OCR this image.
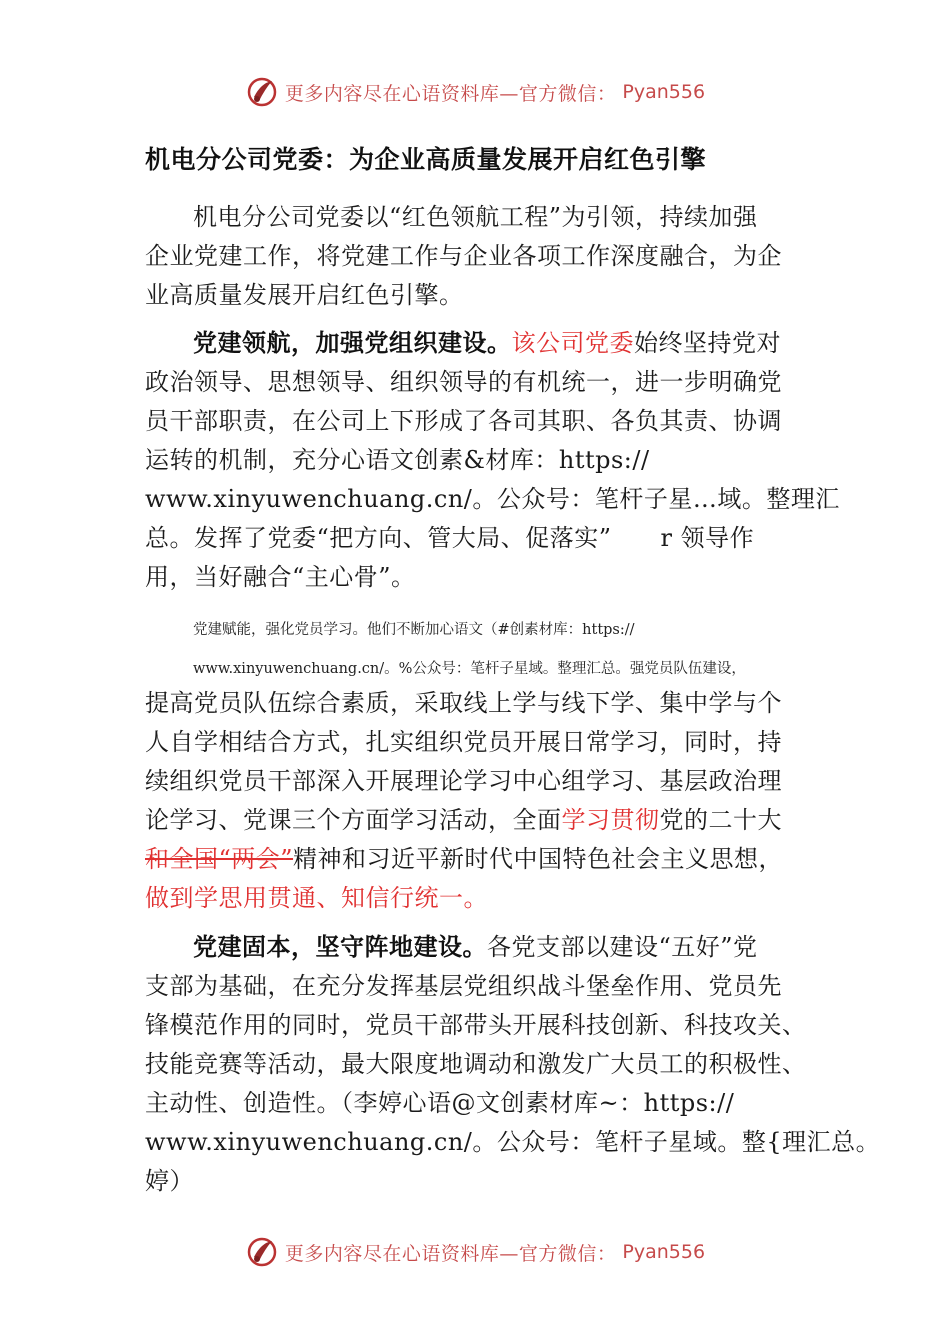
更多内容尽在心语资料库—官方微信： Pyan556
机电分公司党委：为企业高质量发展开启红色引擎
机电分公司党委以“红色领航工程”为引领，持续加强
企业党建工作，将党建工作与企业各项工作深度融合，为企
业高质量发展开启红色引擎。
党建领航，加强党组织建设。该公司党委始终坚持党对
政治领导、思想领导、组织领导的有机统一，进一步明确党
员干部职责，在公司上下形成了各司其职、各负其责、协调
运转的机制，充分心语文创素&材库：https://
www.xinyuwenchuang.cn/。公众号：笔杆子星…域。整理汇
总。发挥了党委“把方向、管大局、促落实”　　r 领导作
用，当好融合“主心骨”。
党建赋能，强化党员学习。他们不断加心语文（#创素材库：https://
www.xinyuwenchuang.cn/。%公众号：笔杆子星域。整理汇总。强党员队伍建设，
提高党员队伍综合素质，采取线上学与线下学、集中学与个
人自学相结合方式，扎实组织党员开展日常学习，同时，持
续组织党员干部深入开展理论学习中心组学习、基层政治理
论学习、党课三个方面学习活动，全面学习贯彻党的二十大
和全国“两会”精神和习近平新时代中国特色社会主义思想，
做到学思用贯通、知信行统一。
党建固本，坚守阵地建设。各党支部以建设“五好”党
支部为基础，在充分发挥基层党组织战斗堡垒作用、党员先
锋模范作用的同时，党员干部带头开展科技创新、科技攻关、
技能竞赛等活动，最大限度地调动和激发广大员工的积极性、
主动性、创造性。（李婷心语@文创素材库~：https://
www.xinyuwenchuang.cn/。公众号：笔杆子星域。整{理汇总。
婷）
更多内容尽在心语资料库—官方微信： Pyan556
